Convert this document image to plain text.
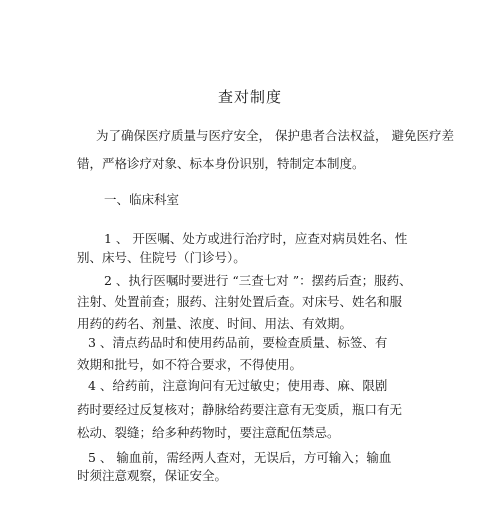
查对制度
为了确保医疗质量与医疗安全， 保护患者合法权益， 避免医疗差
错，严格诊疗对象、标本身份识别，特制定本制度。
一、临床科室
1 、 开医嘱、处方或进行治疗时，应查对病员姓名、性
别、床号、住院号（门诊号）。
2 、执行医嘱时要进行 “三查七对 ”：摆药后查；服药、
注射、处置前查；服药、注射处置后查。对床号、姓名和服
用药的药名、剂量、浓度、时间、用法、有效期。
3 、清点药品时和使用药品前，要检查质量、标签、有
效期和批号，如不符合要求，不得使用。
4 、给药前，注意询问有无过敏史；使用毒、麻、限剧
药时要经过反复核对；静脉给药要注意有无变质，瓶口有无
松动、裂缝；给多种药物时，要注意配伍禁忌。
5 、 输血前，需经两人查对，无误后，方可输入；输血
时须注意观察，保证安全。
